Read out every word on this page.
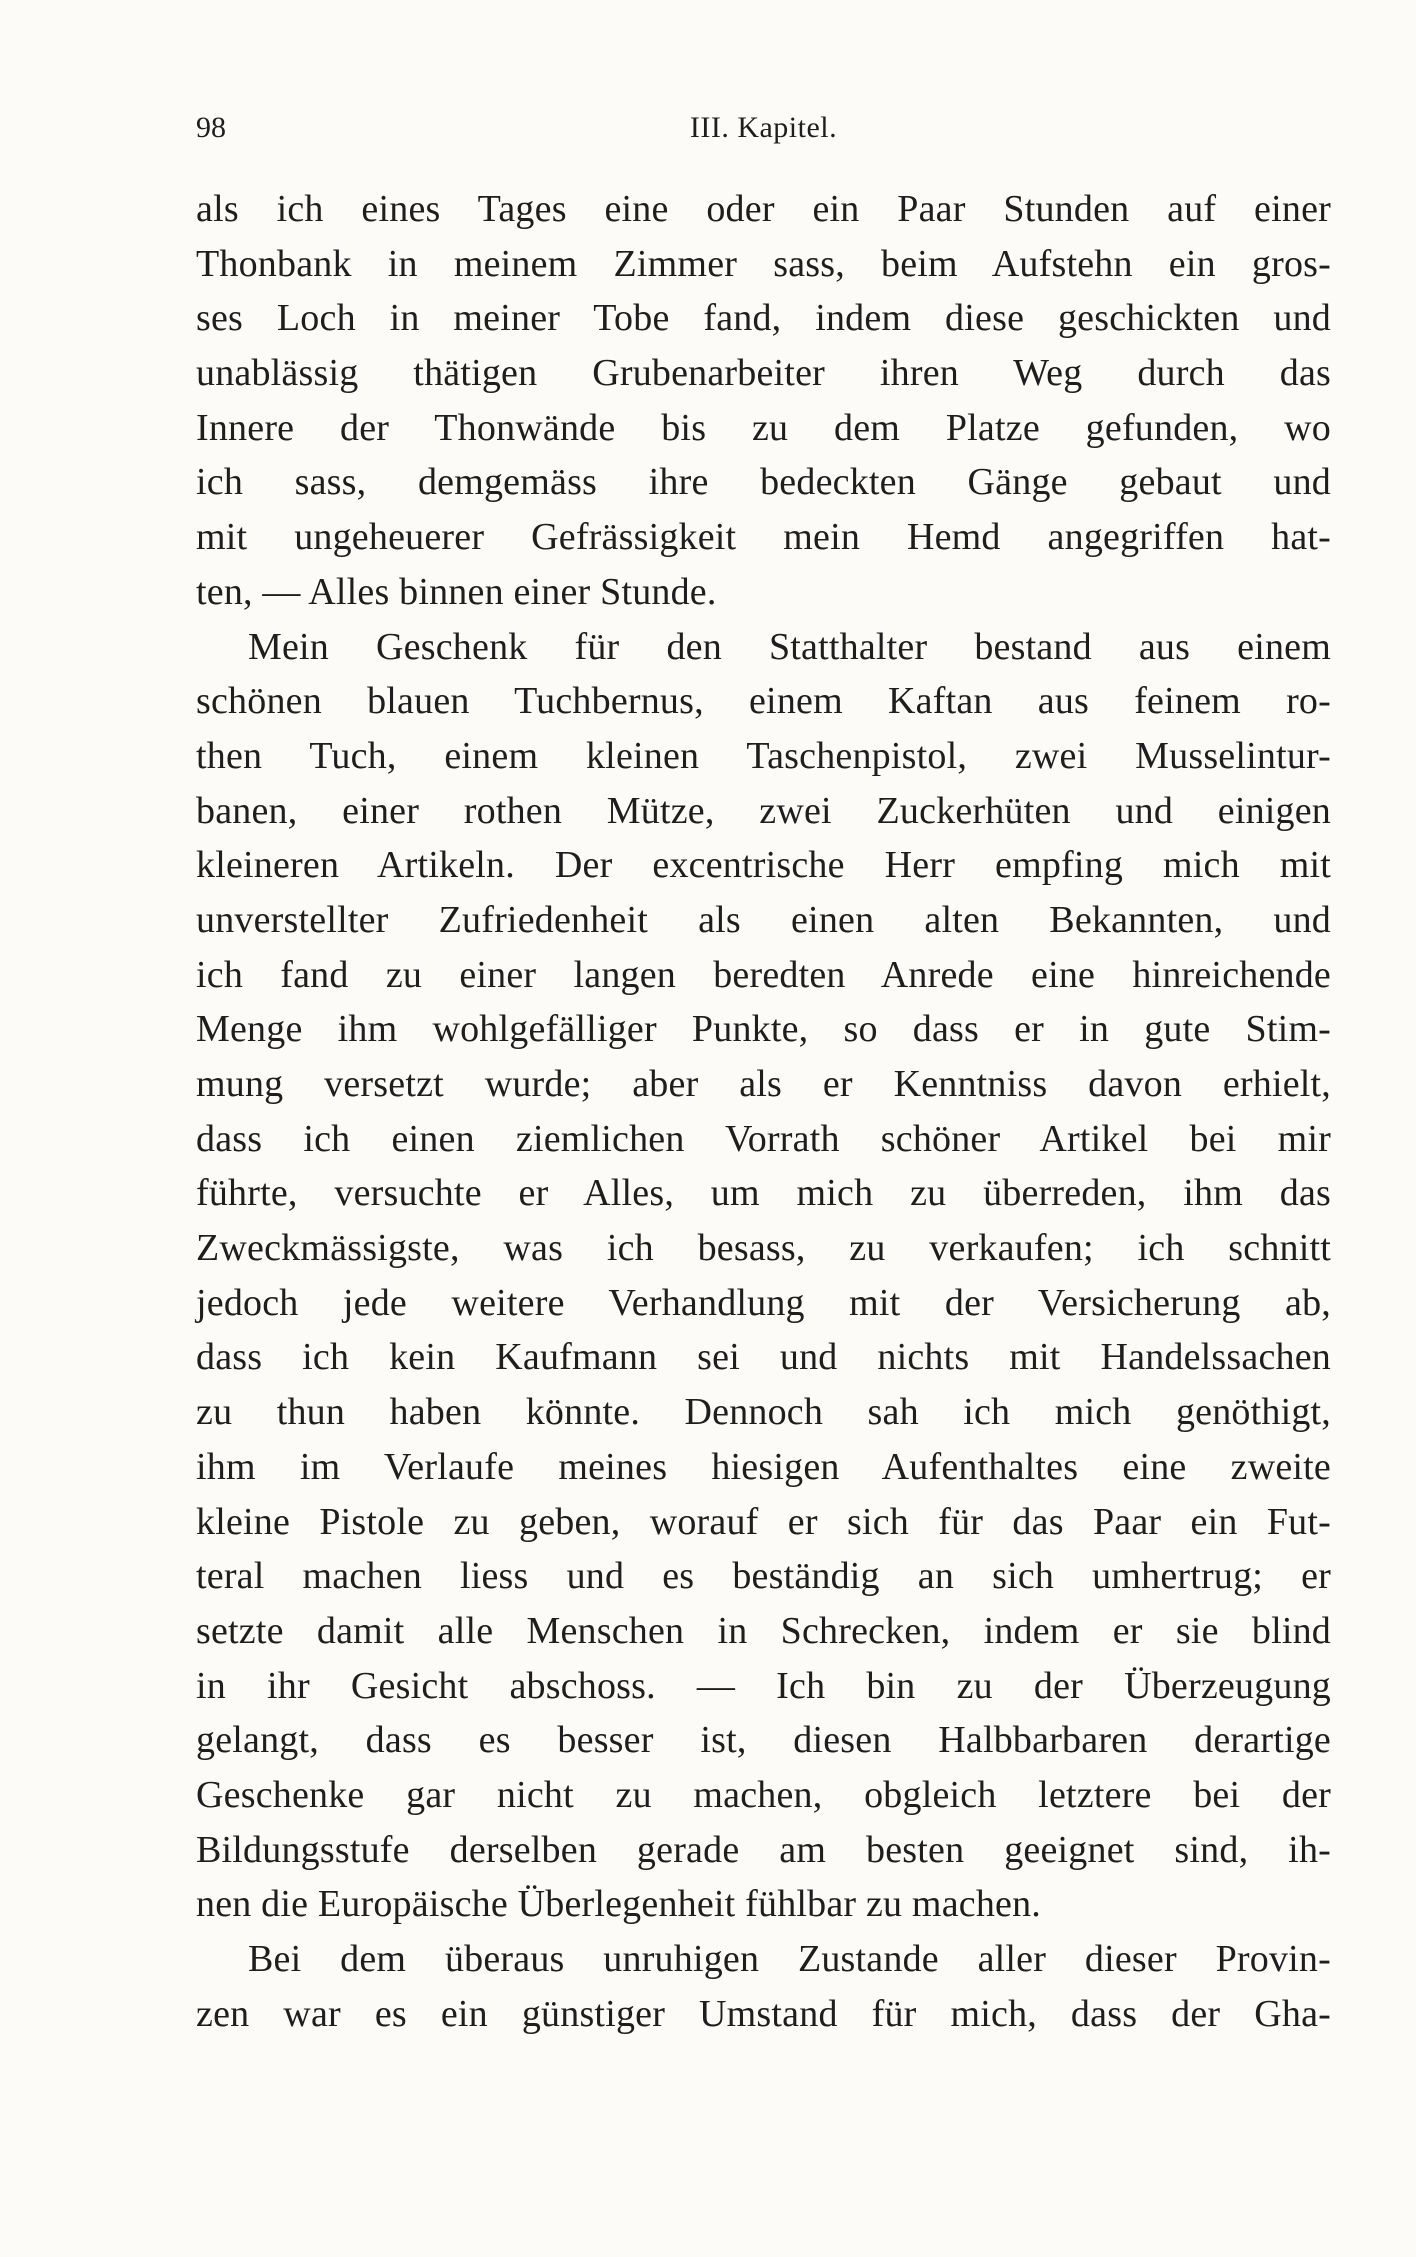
98	III. Kapitel.
als ich eines Tages eine oder ein Paar Stunden auf einer
Thonbank in meinem Zimmer sass, beim Aufstehn ein gros-
ses Loch in meiner Tobe fand, indem diese geschickten und
unablässig thätigen Grubenarbeiter ihren Weg durch das
Innere der Thonwände bis zu dem Platze gefunden, wo
ich sass, demgemäss ihre bedeckten Gänge gebaut und
mit ungeheuerer Gefrässigkeit mein Hemd angegriffen hat-
ten, — Alles binnen einer Stunde.
Mein Geschenk für den Statthalter bestand aus einem
schönen blauen Tuchbernus, einem Kaftan aus feinem ro-
then Tuch, einem kleinen Taschenpistol, zwei Musselintur-
banen, einer rothen Mütze, zwei Zuckerhüten und einigen
kleineren Artikeln. Der excentrische Herr empfing mich mit
unverstellter Zufriedenheit als einen alten Bekannten, und
ich fand zu einer langen beredten Anrede eine hinreichende
Menge ihm wohlgefälliger Punkte, so dass er in gute Stim-
mung versetzt wurde; aber als er Kenntniss davon erhielt,
dass ich einen ziemlichen Vorrath schöner Artikel bei mir
führte, versuchte er Alles, um mich zu überreden, ihm das
Zweckmässigste, was ich besass, zu verkaufen; ich schnitt
jedoch jede weitere Verhandlung mit der Versicherung ab,
dass ich kein Kaufmann sei und nichts mit Handelssachen
zu thun haben könnte. Dennoch sah ich mich genöthigt,
ihm im Verlaufe meines hiesigen Aufenthaltes eine zweite
kleine Pistole zu geben, worauf er sich für das Paar ein Fut-
teral machen liess und es beständig an sich umhertrug; er
setzte damit alle Menschen in Schrecken, indem er sie blind
in ihr Gesicht abschoss. — Ich bin zu der Überzeugung
gelangt, dass es besser ist, diesen Halbbarbaren derartige
Geschenke gar nicht zu machen, obgleich letztere bei der
Bildungsstufe derselben gerade am besten geeignet sind, ih-
nen die Europäische Überlegenheit fühlbar zu machen.
Bei dem überaus unruhigen Zustande aller dieser Provin-
zen war es ein günstiger Umstand für mich, dass der Gha-
